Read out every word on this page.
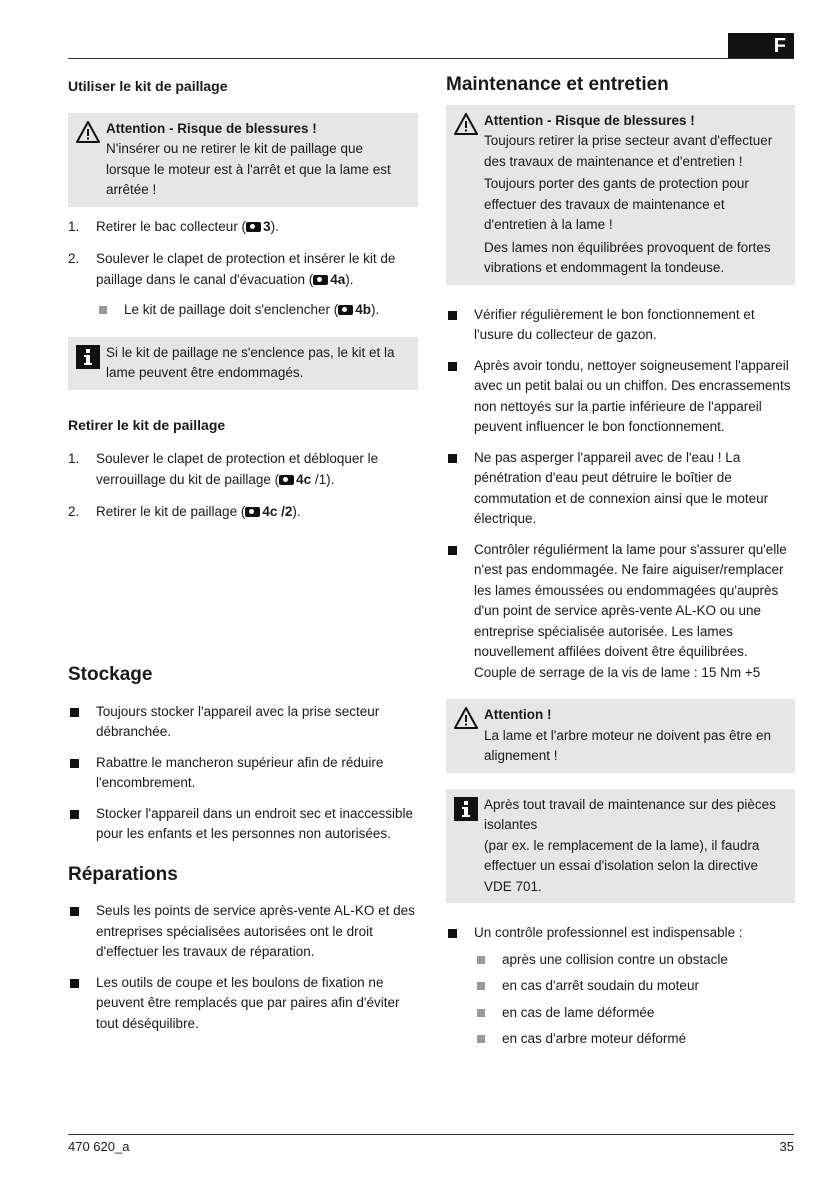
F

Utiliser le kit de paillage

Attention - Risque de blessures !
N'insérer ou ne retirer le kit de paillage que lorsque le moteur est à l'arrêt et que la lame est arrêtée !
1. Retirer le bac collecteur ( 3).
2. Soulever le clapet de protection et insérer le kit de paillage dans le canal d'évacuation ( 4a).
Le kit de paillage doit s'enclencher ( 4b).
Si le kit de paillage ne s'enclence pas, le kit et la lame peuvent être endommagés.

Retirer le kit de paillage

1. Soulever le clapet de protection et débloquer le verrouillage du kit de paillage ( 4c /1).
2. Retirer le kit de paillage ( 4c /2).

Stockage

Toujours stocker l'appareil avec la prise secteur débranchée.
Rabattre le mancheron supérieur afin de réduire l'encombrement.
Stocker l'appareil dans un endroit sec et inaccessible pour les enfants et les personnes non autorisées.

Réparations

Seuls les points de service après-vente AL-KO et des entreprises spécialisées autorisées ont le droit d'effectuer les travaux de réparation.
Les outils de coupe et les boulons de fixation ne peuvent être remplacés que par paires afin d'éviter tout déséquilibre.

Maintenance et entretien

Attention - Risque de blessures !
Toujours retirer la prise secteur avant d'effectuer des travaux de maintenance et d'entretien !
Toujours porter des gants de protection pour effectuer des travaux de maintenance et d'entretien à la lame !
Des lames non équilibrées provoquent de fortes vibrations et endommagent la tondeuse.
Vérifier régulièrement le bon fonctionnement et l'usure du collecteur de gazon.
Après avoir tondu, nettoyer soigneusement l'appareil avec un petit balai ou un chiffon. Des encrassements non nettoyés sur la partie inférieure de l'appareil peuvent influencer le bon fonctionnement.
Ne pas asperger l'appareil avec de l'eau ! La pénétration d'eau peut détruire le boîtier de commutation et de connexion ainsi que le moteur électrique.
Contrôler réguliérment la lame pour s'assurer qu'elle n'est pas endommagée. Ne faire aiguiser/remplacer les lames émoussées ou endommagées qu'auprès d'un point de service après-vente AL-KO ou une entreprise spécialisée autorisée. Les lames nouvellement affilées doivent être équilibrées.
Couple de serrage de la vis de lame : 15 Nm +5
Attention !
La lame et l'arbre moteur ne doivent pas être en alignement !
Après tout travail de maintenance sur des pièces isolantes
(par ex. le remplacement de la lame), il faudra effectuer un essai d'isolation selon la directive VDE 701.
Un contrôle professionnel est indispensable :
après une collision contre un obstacle
en cas d'arrêt soudain du moteur
en cas de lame déformée
en cas d'arbre moteur déformé
470 620_a	35
